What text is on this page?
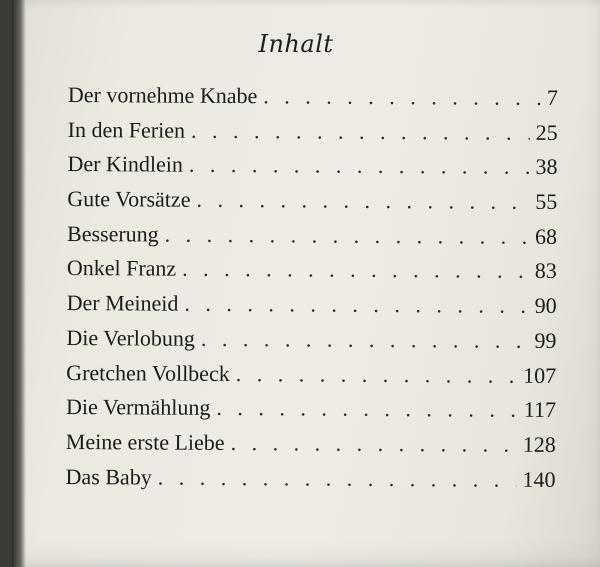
Inhalt
Der vornehme Knabe . . .	7
In den Ferien . . .	25
Der Kindlein . . .	38
Gute Vorsätze . . .	55
Besserung . . .	68
Onkel Franz . . .	83
Der Meineid . . .	90
Die Verlobung . . .	99
Gretchen Vollbeck . . .	107
Die Vermählung . . .	117
Meine erste Liebe . . .	128
Das Baby . . .	140
